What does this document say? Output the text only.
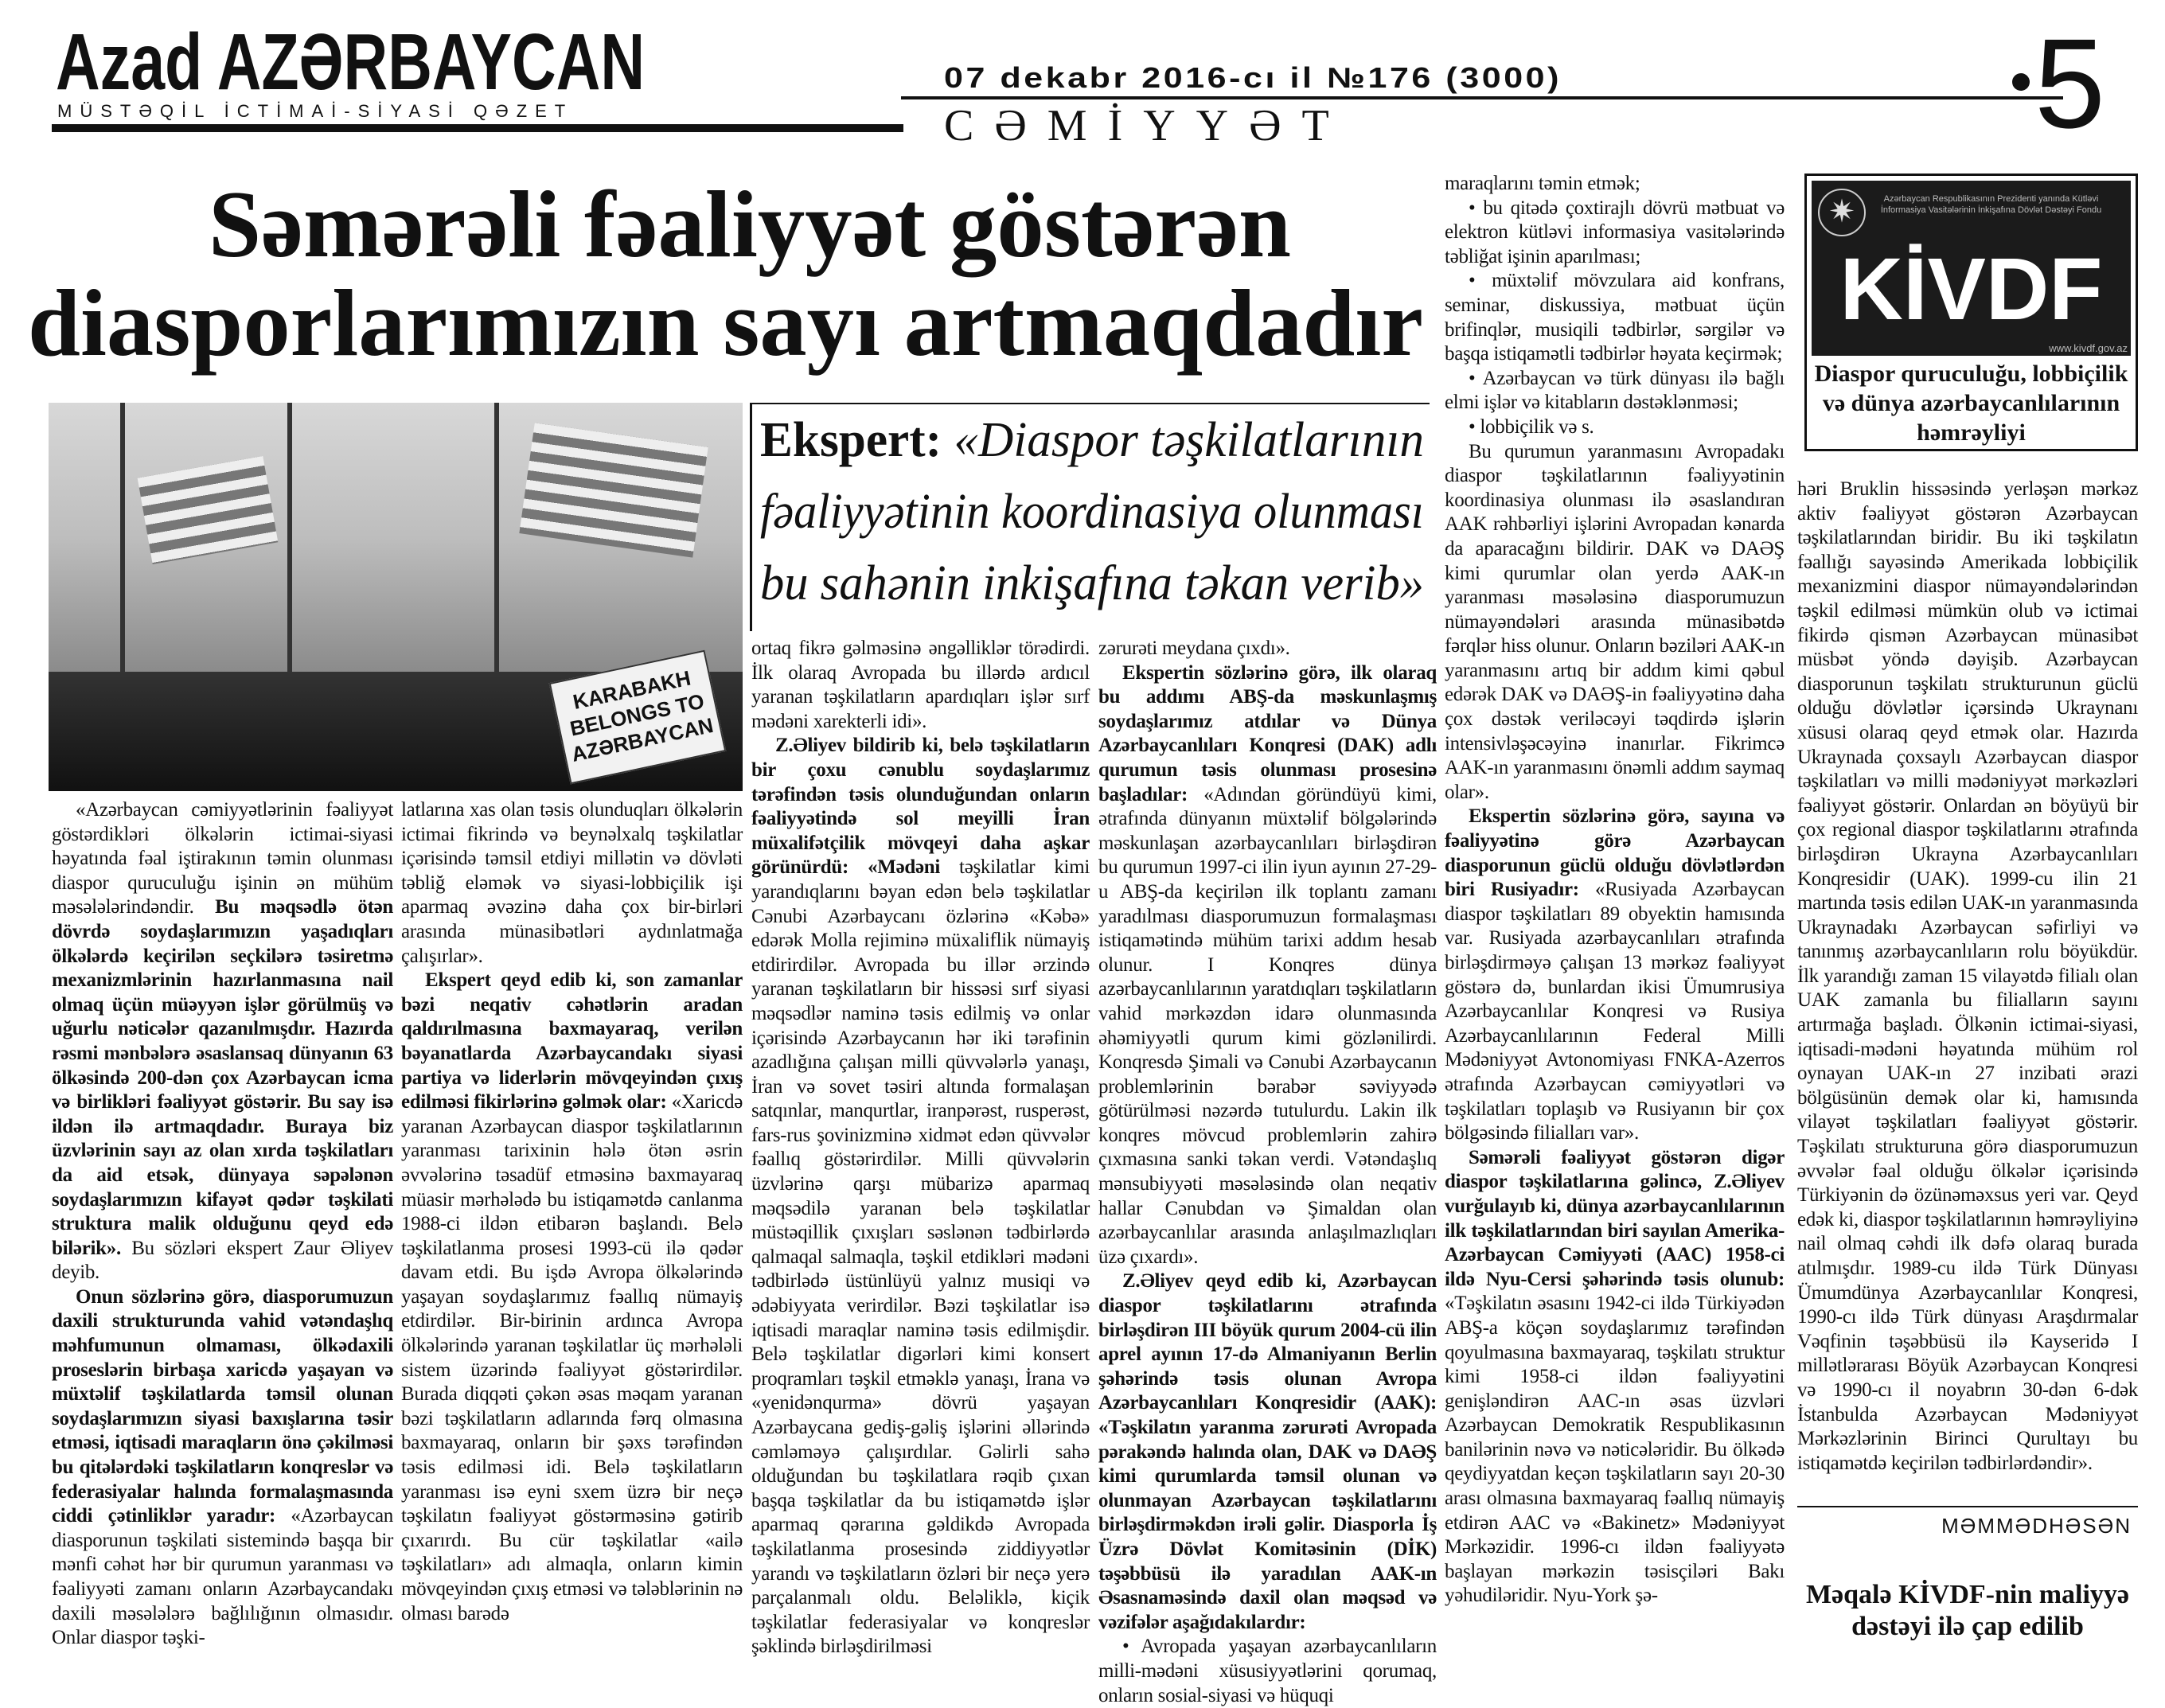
Azad AZƏRBAYCAN
MÜSTƏQİL İCTİMAİ-SİYASİ QƏZET
07 dekabr 2016-cı il №176 (3000)
CƏMİYYƏT	5
Səmərəli fəaliyyət göstərən
diasporlarımızın sayı artmaqdadır
KARABAKH BELONGS TO AZƏRBAYCAN
Ekspert: «Diaspor təşkilatlarının
fəaliyyətinin koordinasiya olunması
bu sahənin inkişafına təkan verib»
✷	Azərbaycan Respublikasının Prezidenti yanında Kütləvi İnformasiya Vasitələrinin İnkişafına Dövlət Dəstəyi Fondu
KİVDF
www.kivdf.gov.az
Diaspor quruculuğu, lobbiçilik və dünya azərbaycanlılarının həmrəyliyi

«Azərbaycan cəmiyyətlərinin fəaliyyət göstərdikləri ölkələrin ictimai-siyasi həyatında fəal iştirakının təmin olunması diaspor quruculuğu işinin ən mühüm məsələlərindəndir. Bu məqsədlə ötən dövrdə soydaşlarımızın yaşadıqları ölkələrdə keçirilən seçkilərə təsiretmə mexanizmlərinin hazırlanmasına nail olmaq üçün müəyyən işlər görülmüş və uğurlu nəticələr qazanılmışdır. Hazırda rəsmi mənbələrə əsaslansaq dünyanın 63 ölkəsində 200-dən çox Azərbaycan icma və birlikləri fəaliyyət göstərir. Bu say isə ildən ilə artmaqdadır. Buraya biz üzvlərinin sayı az olan xırda təşkilatları da aid etsək, dünyaya səpələnən soydaşlarımızın kifayət qədər təşkilati struktura malik olduğunu qeyd edə bilərik». Bu sözləri ekspert Zaur Əliyev deyib.

Onun sözlərinə görə, diasporumuzun daxili strukturunda vahid vətəndaşlıq məhfumunun olmaması, ölkədaxili proseslərin birbaşa xaricdə yaşayan və müxtəlif təşkilatlarda təmsil olunan soydaşlarımızın siyasi baxışlarına təsir etməsi, iqtisadi maraqların önə çəkilməsi bu qitələrdəki təşkilatların konqreslər və federasiyalar halında formalaşmasında ciddi çətinliklər yaradır: «Azərbaycan diasporunun təşkilati sistemində başqa bir mənfi cəhət hər bir qurumun yaranması və fəaliyyəti zamanı onların Azərbaycandakı daxili məsələlərə bağlılığının olmasıdır. Onlar diaspor təşki-

latlarına xas olan təsis olunduqları ölkələrin ictimai fikrində və beynəlxalq təşkilatlar içərisində təmsil etdiyi millətin və dövləti təbliğ eləmək və siyasi-lobbiçilik işi aparmaq əvəzinə daha çox bir-birləri arasında münasibətləri aydınlatmağa çalışırlar».

Ekspert qeyd edib ki, son zamanlar bəzi neqativ cəhətlərin aradan qaldırılmasına baxmayaraq, verilən bəyanatlarda Azərbaycandakı siyasi partiya və liderlərin mövqeyindən çıxış edilməsi fikirlərinə gəlmək olar: «Xaricdə yaranan Azərbaycan diaspor təşkilatlarının yaranması tarixinin hələ ötən əsrin əvvələrinə təsadüf etməsinə baxmayaraq müasir mərhələdə bu istiqamətdə canlanma 1988-ci ildən etibarən başlandı. Belə təşkilatlanma prosesi 1993-cü ilə qədər davam etdi. Bu işdə Avropa ölkələrində yaşayan soydaşlarımız fəallıq nümayiş etdirdilər. Bir-birinin ardınca Avropa ölkələrində yaranan təşkilatlar üç mərhələli sistem üzərində fəaliyyət göstərirdilər. Burada diqqəti çəkən əsas məqam yaranan bəzi təşkilatların adlarında fərq olmasına baxmayaraq, onların bir şəxs tərəfindən təsis edilməsi idi. Belə təşkilatların yaranması isə eyni sxem üzrə bir neçə təşkilatın fəaliyyət göstərməsinə gətirib çıxarırdı. Bu cür təşkilatlar «ailə təşkilatları» adı almaqla, onların kimin mövqeyindən çıxış etməsi və tələblərinin nə olması barədə

ortaq fikrə gəlməsinə əngəlliklər törədirdi. İlk olaraq Avropada bu illərdə ardıcıl yaranan təşkilatların apardıqları işlər sırf mədəni xarekterli idi».

Z.Əliyev bildirib ki, belə təşkilatların bir çoxu cənublu soydaşlarımız tərəfindən təsis olunduğundan onların fəaliyyətində sol meyilli İran müxalifətçilik mövqeyi daha aşkar görünürdü: «Mədəni təşkilatlar kimi yarandıqlarını bəyan edən belə təşkilatlar Cənubi Azərbaycanı özlərinə «Kəbə» edərək Molla rejiminə müxaliflik nümayiş etdirirdilər. Avropada bu illər ərzində yaranan təşkilatların bir hissəsi sırf siyasi məqsədlər naminə təsis edilmiş və onlar içərisində Azərbaycanın hər iki tərəfinin azadlığına çalışan milli qüvvələrlə yanaşı, İran və sovet təsiri altında formalaşan satqınlar, manqurtlar, iranpərəst, rusperəst, fars-rus şovinizminə xidmət edən qüvvələr fəallıq göstərirdilər. Milli qüvvələrin üzvlərinə qarşı mübarizə aparmaq məqsədilə yaranan belə təşkilatlar müstəqillik çıxışları səslənən tədbirlərdə qalmaqal salmaqla, təşkil etdikləri mədəni tədbirlədə üstünlüyü yalnız musiqi və ədəbiyyata verirdilər. Bəzi təşkilatlar isə iqtisadi maraqlar naminə təsis edilmişdir. Belə təşkilatlar digərləri kimi konsert proqramları təşkil etməklə yanaşı, İrana və «yenidənqurma» dövrü yaşayan Azərbaycana gediş-gəliş işlərini əllərində cəmləməyə çalışırdılar. Gəlirli sahə olduğundan bu təşkilatlara rəqib çıxan başqa təşkilatlar da bu istiqamətdə işlər aparmaq qərarına gəldikdə Avropada təşkilatlanma prosesində ziddiyyətlər yarandı və təşkilatların özləri bir neçə yerə parçalanmalı oldu. Beləliklə, kiçik təşkilatlar federasiyalar və konqreslər şəklində birləşdirilməsi

zərurəti meydana çıxdı».

Ekspertin sözlərinə görə, ilk olaraq bu addımı ABŞ-da məskunlaşmış soydaşlarımız atdılar və Dünya Azərbaycanlıları Konqresi (DAK) adlı qurumun təsis olunması prosesinə başladılar: «Adından göründüyü kimi, ətrafında dünyanın müxtəlif bölgələrində məskunlaşan azərbaycanlıları birləşdirən bu qurumun 1997-ci ilin iyun ayının 27-29-u ABŞ-da keçirilən ilk toplantı zamanı yaradılması diasporumuzun formalaşması istiqamətində mühüm tarixi addım hesab olunur. I Konqres dünya azərbaycanlılarının yaratdıqları təşkilatların vahid mərkəzdən idarə olunmasında əhəmiyyətli qurum kimi gözlənilirdi. Konqresdə Şimali və Cənubi Azərbaycanın problemlərinin bərabər səviyyədə götürülməsi nəzərdə tutulurdu. Lakin ilk konqres mövcud problemlərin zahirə çıxmasına sanki təkan verdi. Vətəndaşlıq mənsubiyyəti məsələsində olan neqativ hallar Cənubdan və Şimaldan olan azərbaycanlılar arasında anlaşılmazlıqları üzə çıxardı».

Z.Əliyev qeyd edib ki, Azərbaycan diaspor təşkilatlarını ətrafında birləşdirən III böyük qurum 2004-cü ilin aprel ayının 17-də Almaniyanın Berlin şəhərində təsis olunan Avropa Azərbaycanlıları Konqresidir (AAK): «Təşkilatın yaranma zərurəti Avropada pərakəndə halında olan, DAK və DAƏŞ kimi qurumlarda təmsil olunan və olunmayan Azərbaycan təşkilatlarını birləşdirməkdən irəli gəlir. Diasporla İş Üzrə Dövlət Komitəsinin (DİK) təşəbbüsü ilə yaradılan AAK-ın Əsasnaməsində daxil olan məqsəd və vəzifələr aşağıdakılardır:

• Avropada yaşayan azərbaycanlıların milli-mədəni xüsusiyyətlərini qorumaq, onların sosial-siyasi və hüquqi

maraqlarını təmin etmək;

• bu qitədə çoxtirajlı dövrü mətbuat və elektron kütləvi informasiya vasitələrində təbliğat işinin aparılması;

• müxtəlif mövzulara aid konfrans, seminar, diskussiya, mətbuat üçün brifinqlər, musiqili tədbirlər, sərgilər və başqa istiqamətli tədbirlər həyata keçirmək;

• Azərbaycan və türk dünyası ilə bağlı elmi işlər və kitabların dəstəklənməsi;

• lobbiçilik və s.

Bu qurumun yaranmasını Avropadakı diaspor təşkilatlarının fəaliyyətinin koordinasiya olunması ilə əsaslandıran AAK rəhbərliyi işlərini Avropadan kənarda da aparacağını bildirir. DAK və DAƏŞ kimi qurumlar olan yerdə AAK-ın yaranması məsələsinə diasporumuzun nümayəndələri arasında münasibətdə fərqlər hiss olunur. Onların bəziləri AAK-ın yaranmasını artıq bir addım kimi qəbul edərək DAK və DAƏŞ-in fəaliyyətinə daha çox dəstək veriləcəyi təqdirdə işlərin intensivləşəcəyinə inanırlar. Fikrimcə AAK-ın yaranmasını önəmli addım saymaq olar».

Ekspertin sözlərinə görə, sayına və fəaliyyətinə görə Azərbaycan diasporunun güclü olduğu dövlətlərdən biri Rusiyadır: «Rusiyada Azərbaycan diaspor təşkilatları 89 obyektin hamısında var. Rusiyada azərbaycanlıları ətrafında birləşdirməyə çalışan 13 mərkəz fəaliyyət göstərə də, bunlardan ikisi Ümumrusiya Azərbaycanlılar Konqresi və Rusiya Azərbaycanlılarının Federal Milli Mədəniyyət Avtonomiyası FNKA-Azerros ətrafında Azərbaycan cəmiyyətləri və təşkilatları toplaşıb və Rusiyanın bir çox bölgəsində filialları var».

Səmərəli fəaliyyət göstərən digər diaspor təşkilatlarına gəlincə, Z.Əliyev vurğulayıb ki, dünya azərbaycanlılarının ilk təşkilatlarından biri sayılan Amerika-Azərbaycan Cəmiyyəti (AAC) 1958-ci ildə Nyu-Cersi şəhərində təsis olunub: «Təşkilatın əsasını 1942-ci ildə Türkiyədən ABŞ-a köçən soydaşlarımız tərəfindən qoyulmasına baxmayaraq, təşkilatı struktur kimi 1958-ci ildən fəaliyyətini genişləndirən AAC-ın əsas üzvləri Azərbaycan Demokratik Respublikasının banilərinin nəvə və nəticələridir. Bu ölkədə qeydiyyatdan keçən təşkilatların sayı 20-30 arası olmasına baxmayaraq fəallıq nümayiş etdirən AAC və «Bakinetz» Mədəniyyət Mərkəzidir. 1996-cı ildən fəaliyyətə başlayan mərkəzin təsisçiləri Bakı yəhudiləridir. Nyu-York şə-

həri Bruklin hissəsində yerləşən mərkəz aktiv fəaliyyət göstərən Azərbaycan təşkilatlarından biridir. Bu iki təşkilatın fəallığı sayəsində Amerikada lobbiçilik mexanizmini diaspor nümayəndələrindən təşkil edilməsi mümkün olub və ictimai fikirdə qismən Azərbaycan münasibət müsbət yöndə dəyişib. Azərbaycan diasporunun təşkilatı strukturunun güclü olduğu dövlətlər içərsində Ukraynanı xüsusi olaraq qeyd etmək olar. Hazırda Ukraynada çoxsaylı Azərbaycan diaspor təşkilatları və milli mədəniyyət mərkəzləri fəaliyyət göstərir. Onlardan ən böyüyü bir çox regional diaspor təşkilatlarını ətrafında birləşdirən Ukrayna Azərbaycanlıları Konqresidir (UAK). 1999-cu ilin 21 martında təsis edilən UAK-ın yaranmasında Ukraynadakı Azərbaycan səfirliyi və tanınmış azərbaycanlıların rolu böyükdür. İlk yarandığı zaman 15 vilayətdə filialı olan UAK zamanla bu filialların sayını artırmağa başladı. Ölkənin ictimai-siyasi, iqtisadi-mədəni həyatında mühüm rol oynayan UAK-ın 27 inzibati ərazi bölgüsünün demək olar ki, hamısında vilayət təşkilatları fəaliyyət göstərir. Təşkilatı strukturuna görə diasporumuzun əvvələr fəal olduğu ölkələr içərisində Türkiyənin də özünəməxsus yeri var. Qeyd edək ki, diaspor təşkilatlarının həmrəyliyinə nail olmaq cəhdi ilk dəfə olaraq burada atılmışdır. 1989-cu ildə Türk Dünyası Ümumdünya Azərbaycanlılar Konqresi, 1990-cı ildə Türk dünyası Araşdırmalar Vəqfinin təşəbbüsü ilə Kayseridə I millətlərarası Böyük Azərbaycan Konqresi və 1990-cı il noyabrın 30-dən 6-dək İstanbulda Azərbaycan Mədəniyyət Mərkəzlərinin Birinci Qurultayı bu istiqamətdə keçirilən tədbirlərdəndir».

MƏMMƏDHƏSƏN
Məqalə KİVDF-nin maliyyə dəstəyi ilə çap edilib
